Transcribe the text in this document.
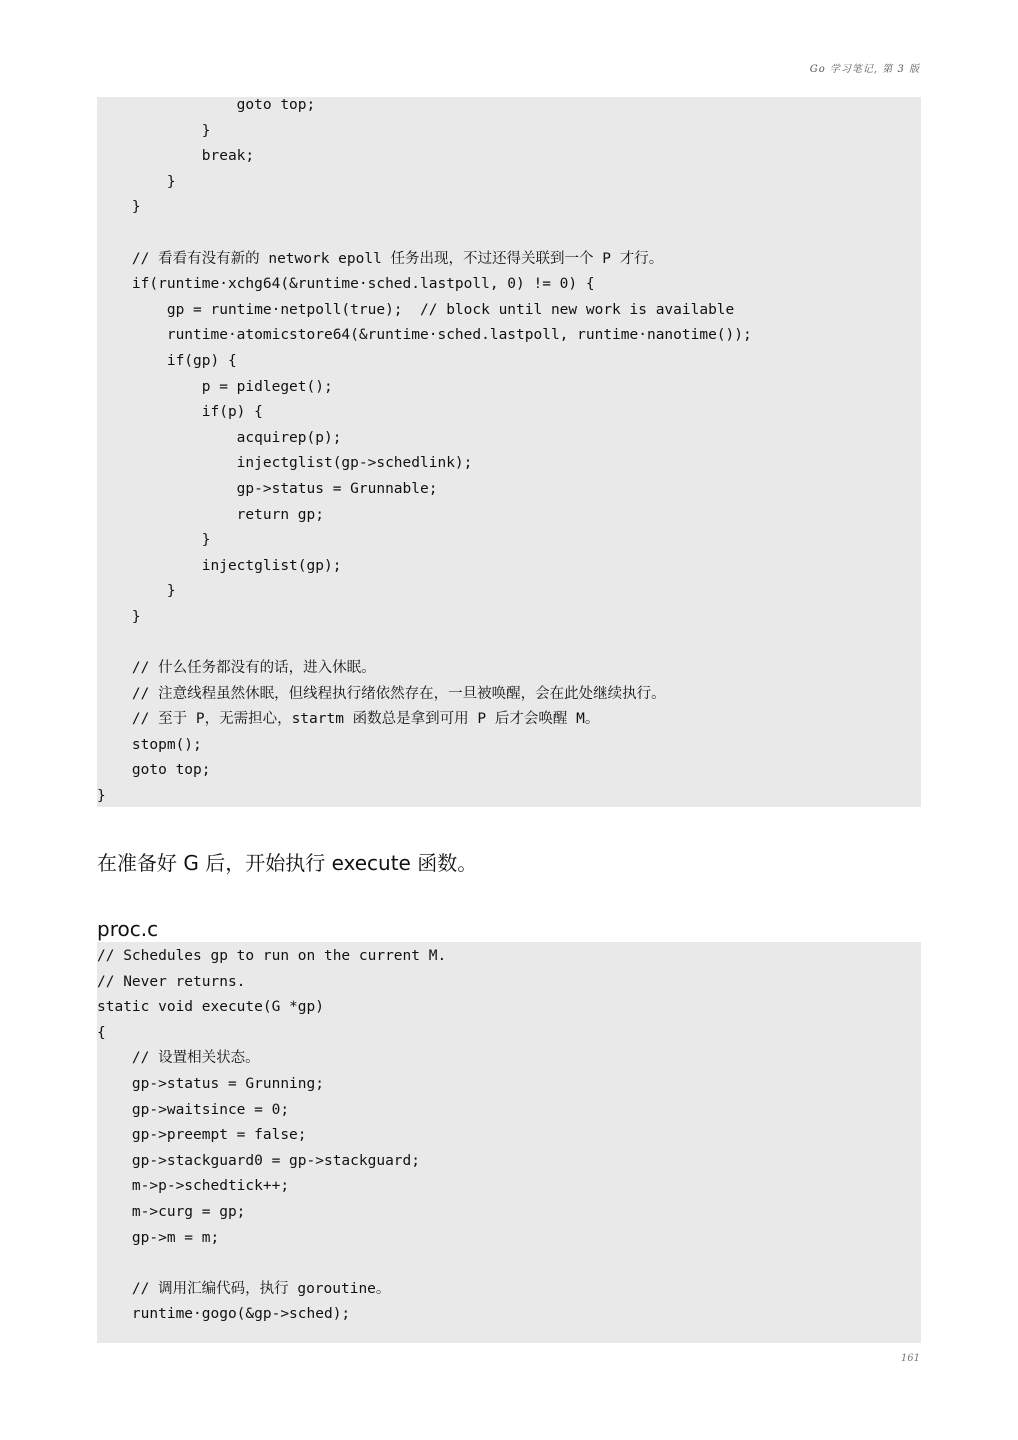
Go 学习笔记, 第 3 版
goto top;
}
break;
}
}
// 看看有没有新的 network epoll 任务出现，不过还得关联到一个 P 才行。
if(runtime·xchg64(&runtime·sched.lastpoll, 0) != 0) {
gp = runtime·netpoll(true);  // block until new work is available
runtime·atomicstore64(&runtime·sched.lastpoll, runtime·nanotime());
if(gp) {
p = pidleget();
if(p) {
acquirep(p);
injectglist(gp->schedlink);
gp->status = Grunnable;
return gp;
}
injectglist(gp);
}
}
// 什么任务都没有的话，进入休眠。
// 注意线程虽然休眠，但线程执行绪依然存在，一旦被唤醒，会在此处继续执行。
// 至于 P，无需担心，startm 函数总是拿到可用 P 后才会唤醒 M。
stopm();
goto top;
}
在准备好 G 后，开始执行 execute 函数。
proc.c
// Schedules gp to run on the current M.
// Never returns.
static void execute(G *gp)
{
// 设置相关状态。
gp->status = Grunning;
gp->waitsince = 0;
gp->preempt = false;
gp->stackguard0 = gp->stackguard;
m->p->schedtick++;
m->curg = gp;
gp->m = m;
// 调用汇编代码，执行 goroutine。
runtime·gogo(&gp->sched);
161
